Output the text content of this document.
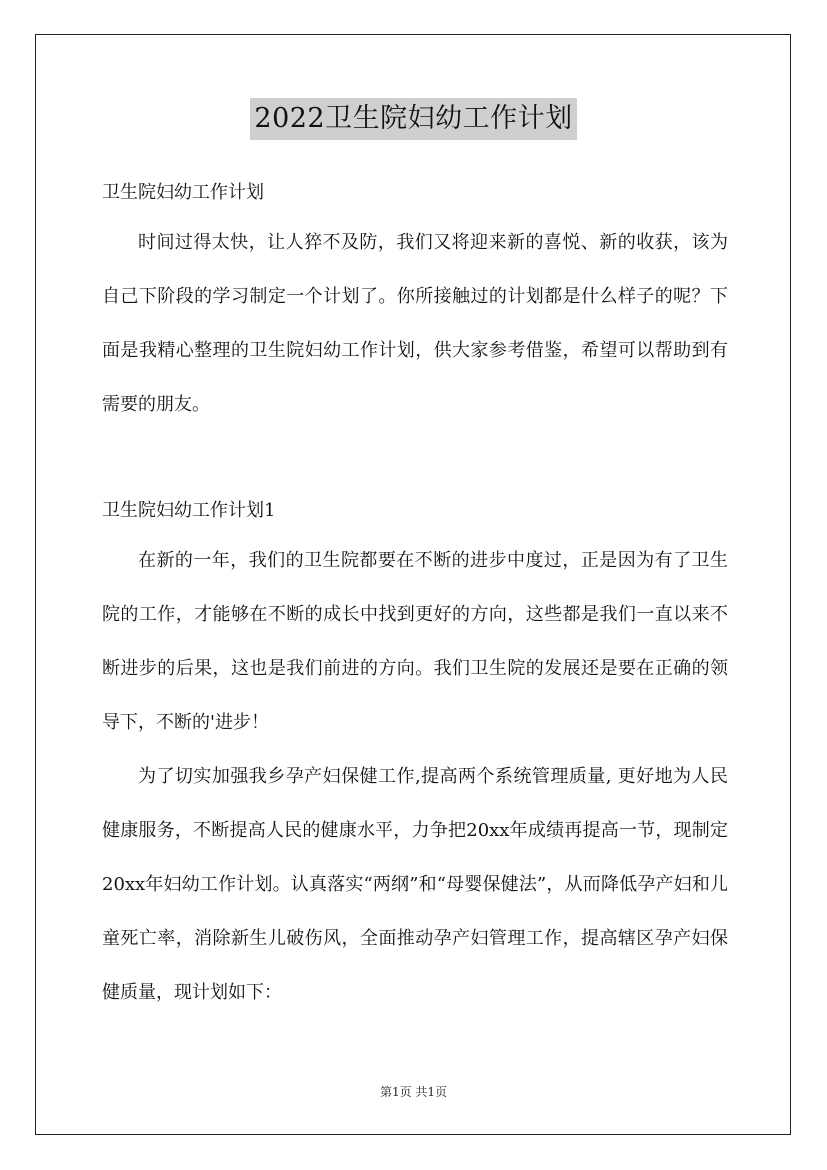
2022卫生院妇幼工作计划

卫生院妇幼工作计划

时间过得太快，让人猝不及防，我们又将迎来新的喜悦、新的收获，该为自己下阶段的学习制定一个计划了。你所接触过的计划都是什么样子的呢？下面是我精心整理的卫生院妇幼工作计划，供大家参考借鉴，希望可以帮助到有需要的朋友。

卫生院妇幼工作计划1

在新的一年，我们的卫生院都要在不断的进步中度过，正是因为有了卫生院的工作，才能够在不断的成长中找到更好的方向，这些都是我们一直以来不断进步的后果，这也是我们前进的方向。我们卫生院的发展还是要在正确的领导下，不断的'进步！

为了切实加强我乡孕产妇保健工作,提高两个系统管理质量, 更好地为人民健康服务，不断提高人民的健康水平，力争把20xx年成绩再提高一节，现制定20xx年妇幼工作计划。认真落实“两纲”和“母婴保健法”，从而降低孕产妇和儿童死亡率，消除新生儿破伤风，全面推动孕产妇管理工作，提高辖区孕产妇保健质量，现计划如下：

第1页 共1页
